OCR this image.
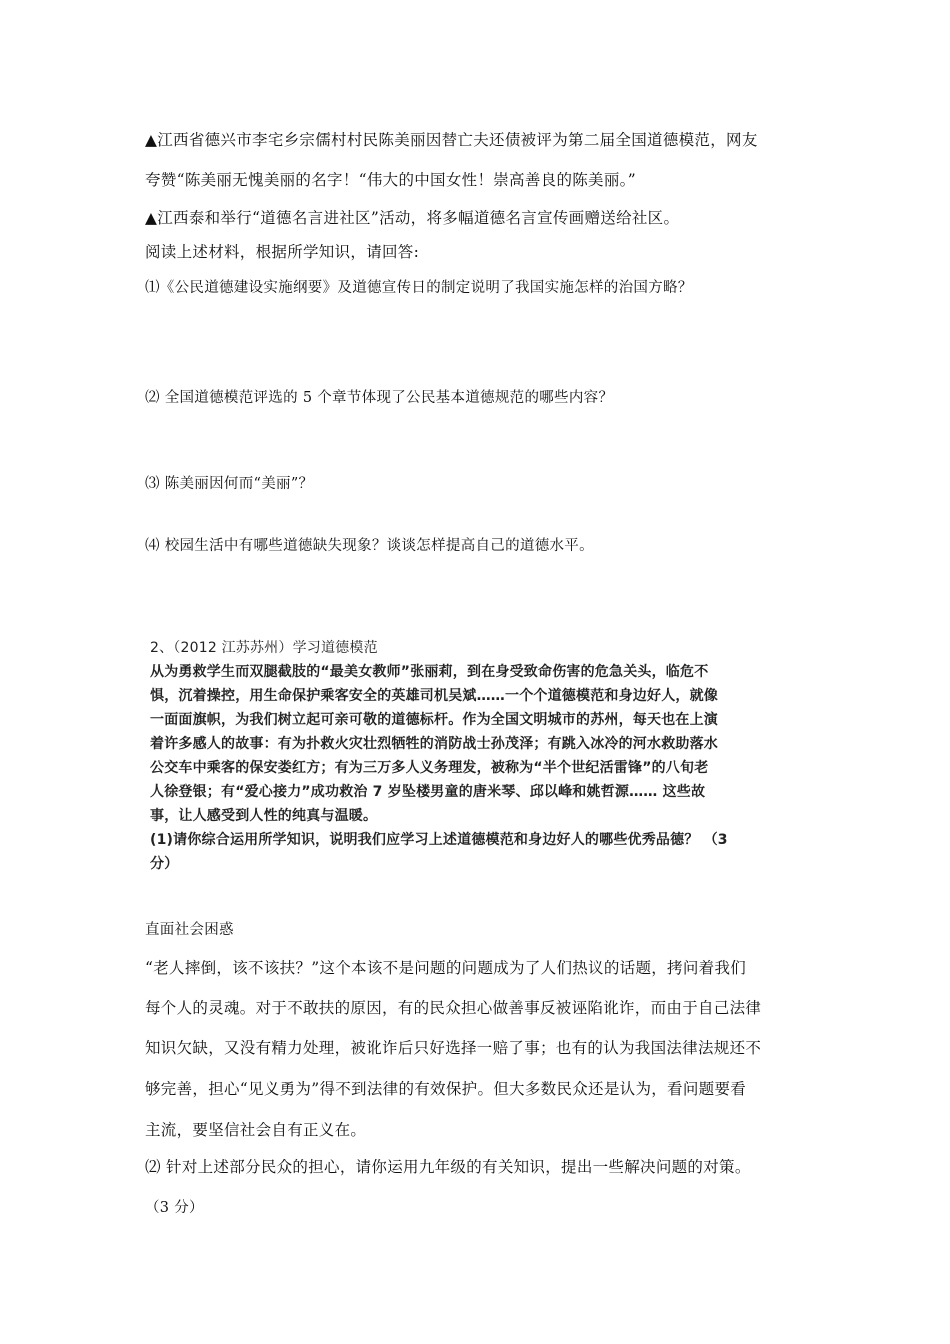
▲江西省德兴市李宅乡宗儒村村民陈美丽因替亡夫还债被评为第二届全国道德模范，网友
夸赞“陈美丽无愧美丽的名字！“伟大的中国女性！崇高善良的陈美丽。”
▲江西泰和举行“道德名言进社区”活动，将多幅道德名言宣传画赠送给社区。
阅读上述材料，根据所学知识，请回答:
⑴《公民道德建设实施纲要》及道德宣传日的制定说明了我国实施怎样的治国方略？
⑵ 全国道德模范评选的 5 个章节体现了公民基本道德规范的哪些内容？
⑶ 陈美丽因何而“美丽”？
⑷ 校园生活中有哪些道德缺失现象？谈谈怎样提高自己的道德水平。
2、（2012 江苏苏州）学习道德模范
从为勇救学生而双腿截肢的“最美女教师”张丽莉，到在身受致命伤害的危急关头，临危不
惧，沉着操控，用生命保护乘客安全的英雄司机吴斌……一个个道德模范和身边好人，就像
一面面旗帜，为我们树立起可亲可敬的道德标杆。作为全国文明城市的苏州，每天也在上演
着许多感人的故事：有为扑救火灾壮烈牺牲的消防战士孙茂泽；有跳入冰冷的河水救助落水
公交车中乘客的保安娄红方；有为三万多人义务理发，被称为“半个世纪活雷锋”的八旬老
人徐登银；有“爱心接力”成功救治 7 岁坠楼男童的唐米琴、邱以峰和姚哲源…… 这些故
事，让人感受到人性的纯真与温暖。
(1)请你综合运用所学知识，说明我们应学习上述道德模范和身边好人的哪些优秀品德？ （3
分）
直面社会困惑
“老人摔倒，该不该扶？”这个本该不是问题的问题成为了人们热议的话题，拷问着我们
每个人的灵魂。对于不敢扶的原因，有的民众担心做善事反被诬陷讹诈，而由于自己法律
知识欠缺，又没有精力处理，被讹诈后只好选择一赔了事；也有的认为我国法律法规还不
够完善，担心“见义勇为”得不到法律的有效保护。但大多数民众还是认为，看问题要看
主流，要坚信社会自有正义在。
⑵ 针对上述部分民众的担心，请你运用九年级的有关知识，提出一些解决问题的对策。
（3 分）
